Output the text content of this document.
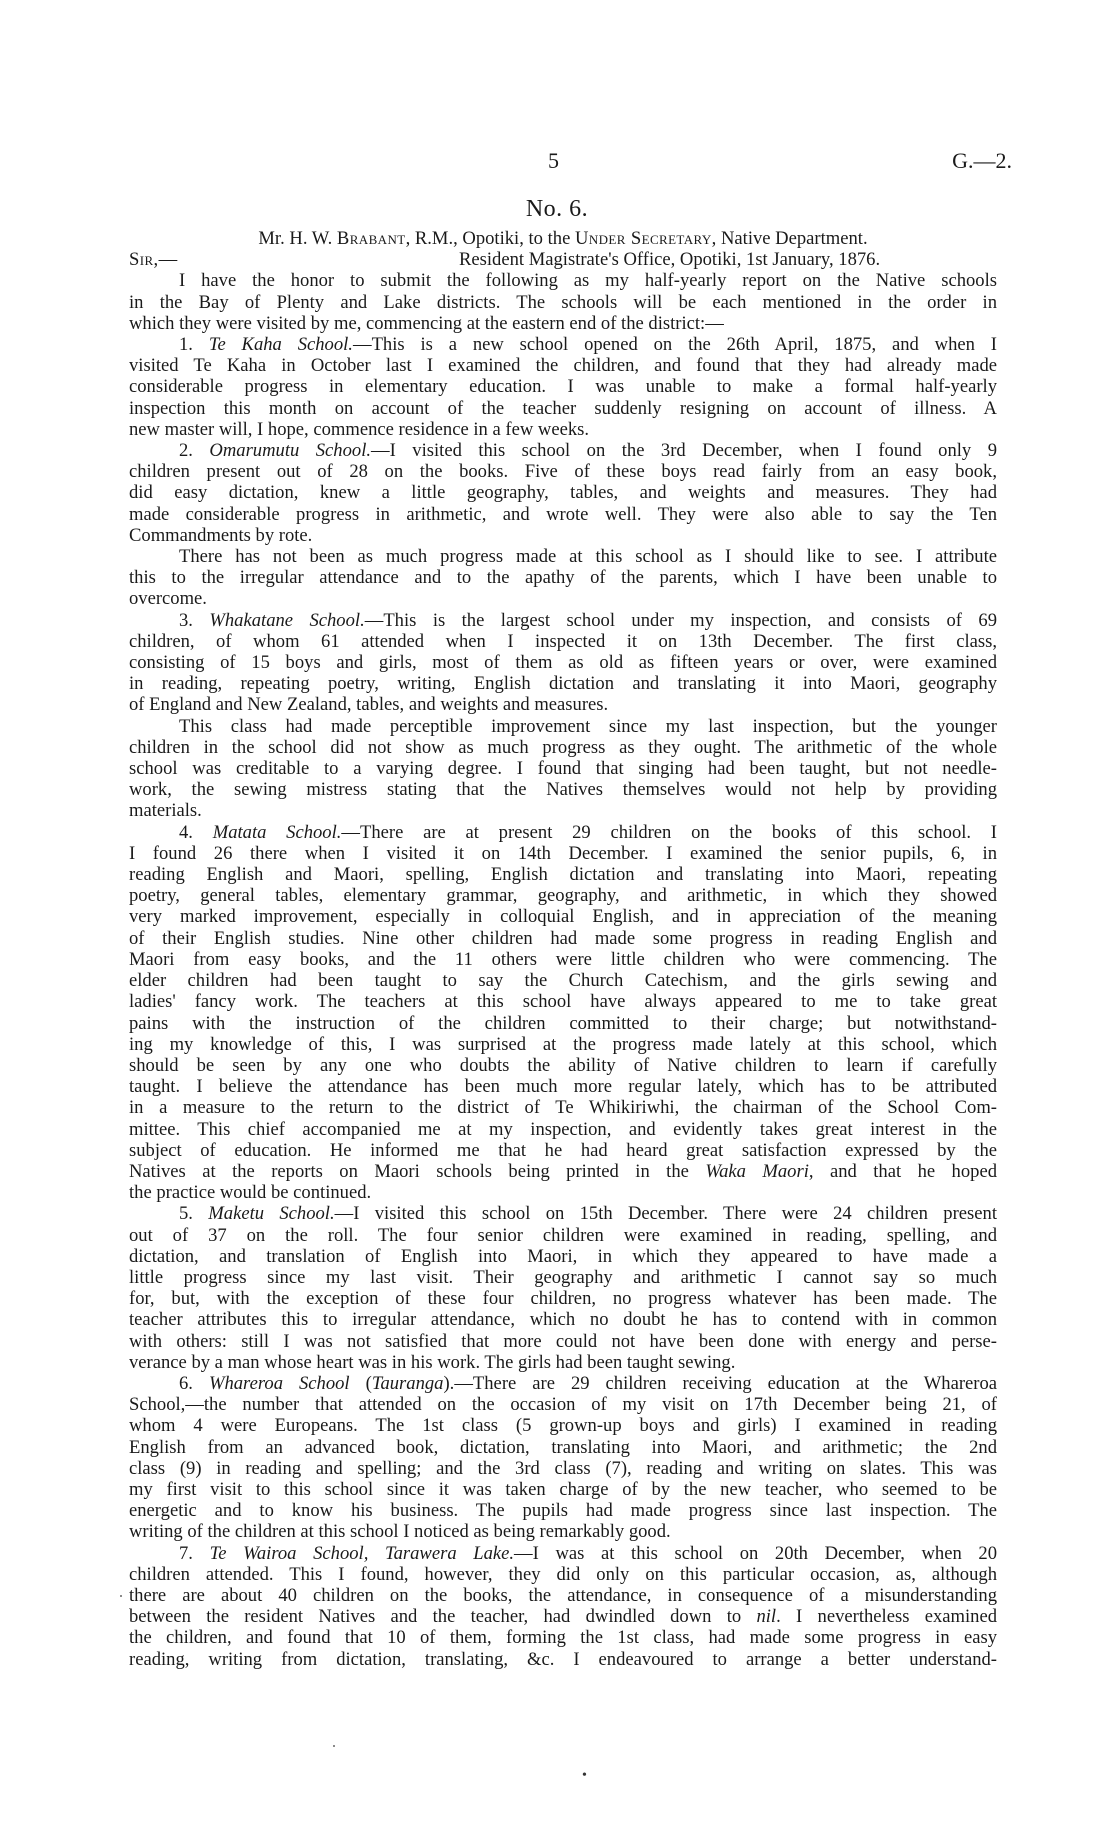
5	G.—2.
No. 6.
Mr. H. W. Brabant, R.M., Opotiki, to the Under Secretary, Native Department.
Sir,—	Resident Magistrate's Office, Opotiki, 1st January, 1876.

I have the honor to submit the following as my half-yearly report on the Native schools
in the Bay of Plenty and Lake districts. The schools will be each mentioned in the order in
which they were visited by me, commencing at the eastern end of the district:—

1. Te Kaha School.—This is a new school opened on the 26th April, 1875, and when I
visited Te Kaha in October last I examined the children, and found that they had already made
considerable progress in elementary education. I was unable to make a formal half-yearly
inspection this month on account of the teacher suddenly resigning on account of illness. A
new master will, I hope, commence residence in a few weeks.

2. Omarumutu School.—I visited this school on the 3rd December, when I found only 9
children present out of 28 on the books. Five of these boys read fairly from an easy book,
did easy dictation, knew a little geography, tables, and weights and measures. They had
made considerable progress in arithmetic, and wrote well. They were also able to say the Ten
Commandments by rote.

There has not been as much progress made at this school as I should like to see. I attribute
this to the irregular attendance and to the apathy of the parents, which I have been unable to
overcome.

3. Whakatane School.—This is the largest school under my inspection, and consists of 69
children, of whom 61 attended when I inspected it on 13th December. The first class,
consisting of 15 boys and girls, most of them as old as fifteen years or over, were examined
in reading, repeating poetry, writing, English dictation and translating it into Maori, geography
of England and New Zealand, tables, and weights and measures.

This class had made perceptible improvement since my last inspection, but the younger
children in the school did not show as much progress as they ought. The arithmetic of the whole
school was creditable to a varying degree. I found that singing had been taught, but not needle-
work, the sewing mistress stating that the Natives themselves would not help by providing
materials.

4. Matata School.—There are at present 29 children on the books of this school. I
I found 26 there when I visited it on 14th December. I examined the senior pupils, 6, in
reading English and Maori, spelling, English dictation and translating into Maori, repeating
poetry, general tables, elementary grammar, geography, and arithmetic, in which they showed
very marked improvement, especially in colloquial English, and in appreciation of the meaning
of their English studies. Nine other children had made some progress in reading English and
Maori from easy books, and the 11 others were little children who were commencing. The
elder children had been taught to say the Church Catechism, and the girls sewing and
ladies' fancy work. The teachers at this school have always appeared to me to take great
pains with the instruction of the children committed to their charge; but notwithstand-
ing my knowledge of this, I was surprised at the progress made lately at this school, which
should be seen by any one who doubts the ability of Native children to learn if carefully
taught. I believe the attendance has been much more regular lately, which has to be attributed
in a measure to the return to the district of Te Whikiriwhi, the chairman of the School Com-
mittee. This chief accompanied me at my inspection, and evidently takes great interest in the
subject of education. He informed me that he had heard great satisfaction expressed by the
Natives at the reports on Maori schools being printed in the Waka Maori, and that he hoped
the practice would be continued.

5. Maketu School.—I visited this school on 15th December. There were 24 children present
out of 37 on the roll. The four senior children were examined in reading, spelling, and
dictation, and translation of English into Maori, in which they appeared to have made a
little progress since my last visit. Their geography and arithmetic I cannot say so much
for, but, with the exception of these four children, no progress whatever has been made. The
teacher attributes this to irregular attendance, which no doubt he has to contend with in common
with others: still I was not satisfied that more could not have been done with energy and perse-
verance by a man whose heart was in his work. The girls had been taught sewing.

6. Whareroa School (Tauranga).—There are 29 children receiving education at the Whareroa
School,—the number that attended on the occasion of my visit on 17th December being 21, of
whom 4 were Europeans. The 1st class (5 grown-up boys and girls) I examined in reading
English from an advanced book, dictation, translating into Maori, and arithmetic; the 2nd
class (9) in reading and spelling; and the 3rd class (7), reading and writing on slates. This was
my first visit to this school since it was taken charge of by the new teacher, who seemed to be
energetic and to know his business. The pupils had made progress since last inspection. The
writing of the children at this school I noticed as being remarkably good.

7. Te Wairoa School, Tarawera Lake.—I was at this school on 20th December, when 20
children attended. This I found, however, they did only on this particular occasion, as, although
there are about 40 children on the books, the attendance, in consequence of a misunderstanding
between the resident Natives and the teacher, had dwindled down to nil. I nevertheless examined
the children, and found that 10 of them, forming the 1st class, had made some progress in easy
reading, writing from dictation, translating, &c. I endeavoured to arrange a better understand-

•
